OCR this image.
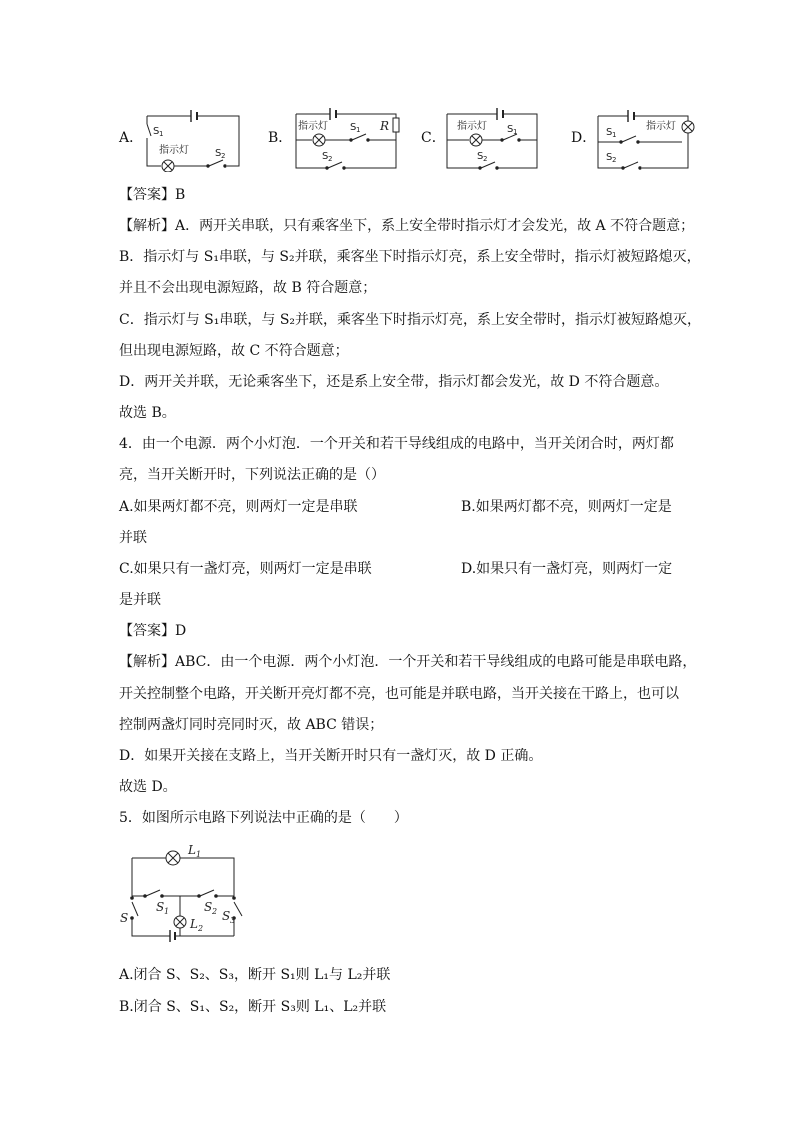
A． S 1
指示灯	S 2
B．
指示灯 S 1 R
S 2
C．
指示灯 S 1
S 2
D． S 1
指示灯
S 2
【答案】B
【解析】A．两开关串联，只有乘客坐下，系上安全带时指示灯才会发光，故 A 不符合题意；
B．指示灯与 S₁串联，与 S₂并联，乘客坐下时指示灯亮，系上安全带时，指示灯被短路熄灭，
并且不会出现电源短路，故 B 符合题意；
C．指示灯与 S₁串联，与 S₂并联，乘客坐下时指示灯亮，系上安全带时，指示灯被短路熄灭，
但出现电源短路，故 C 不符合题意；
D．两开关并联，无论乘客坐下，还是系上安全带，指示灯都会发光，故 D 不符合题意。
故选 B。
4．由一个电源．两个小灯泡．一个开关和若干导线组成的电路中，当开关闭合时，两灯都
亮，当开关断开时，下列说法正确的是（）
A.如果两灯都不亮，则两灯一定是串联	B.如果两灯都不亮，则两灯一定是
并联
C.如果只有一盏灯亮，则两灯一定是串联	D.如果只有一盏灯亮，则两灯一定
是并联
【答案】D
【解析】ABC．由一个电源．两个小灯泡．一个开关和若干导线组成的电路可能是串联电路，
开关控制整个电路，开关断开亮灯都不亮，也可能是并联电路，当开关接在干路上，也可以
控制两盏灯同时亮同时灭，故 ABC 错误；
D．如果开关接在支路上，当开关断开时只有一盏灯灭，故 D 正确。
故选 D。
5．如图所示电路下列说法中正确的是（　　）
L 1
S
S 1	S 2
L 2
S 3
A.闭合 S、S₂、S₃，断开 S₁则 L₁与 L₂并联
B.闭合 S、S₁、S₂，断开 S₃则 L₁、L₂并联
